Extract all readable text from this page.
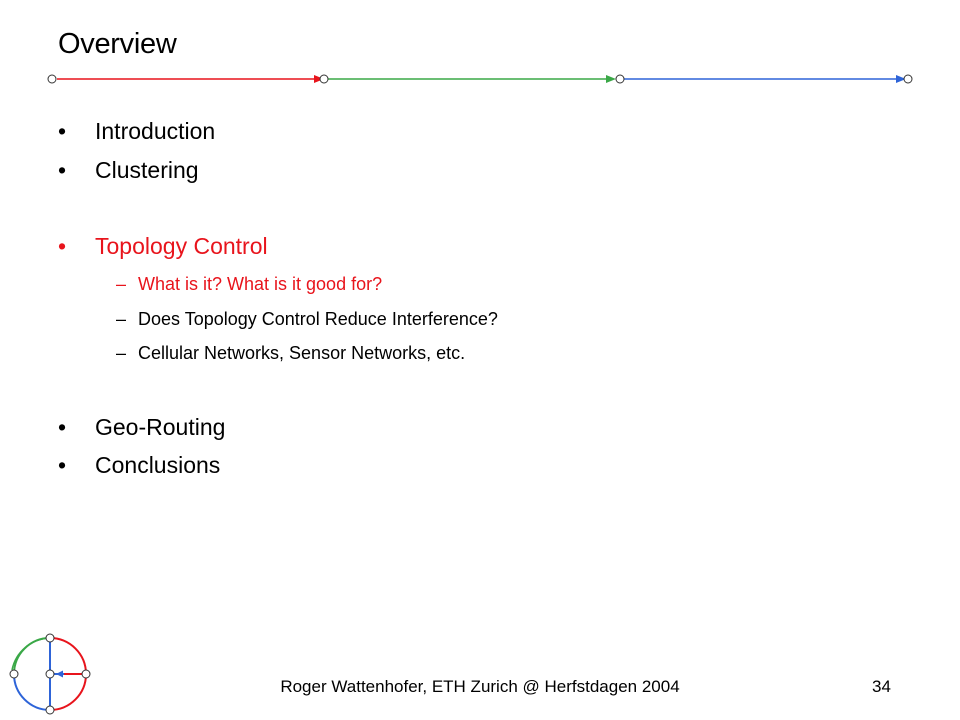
Overview
• Introduction
• Clustering
• Topology Control
– What is it? What is it good for?
– Does Topology Control Reduce Interference?
– Cellular Networks, Sensor Networks, etc.
• Geo-Routing
• Conclusions
Roger Wattenhofer, ETH Zurich @ Herfstdagen 2004	34
